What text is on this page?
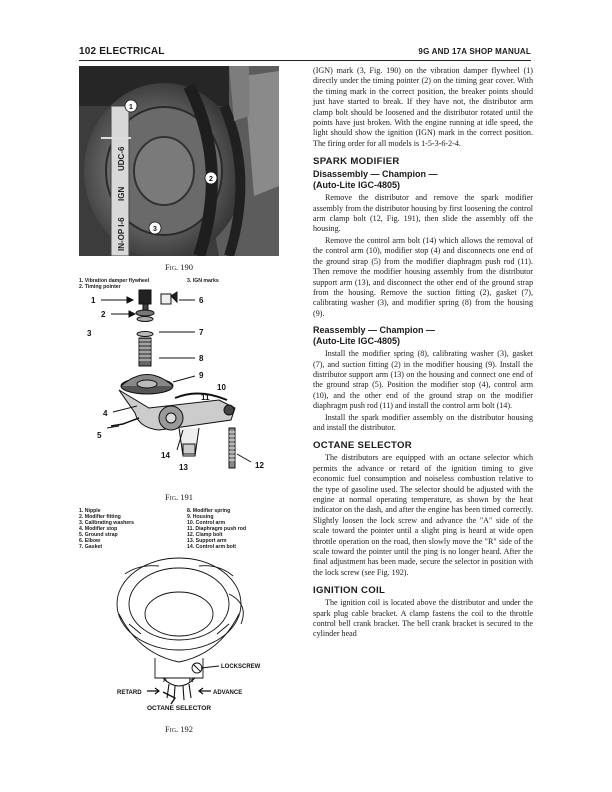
102 ELECTRICAL	9G AND 17A SHOP MANUAL
UDC-6
IGN
IN-OP I-6
1
2
3
Fig. 190
1. Vibration damper flywheel
2. Timing pointer
3. IGN marks
1
2
3
4
5
6
7
8
9
10
11
12
13
14
Fig. 191
1. Nipple
2. Modifier fitting
3. Calibrating washers
4. Modifier stop
5. Ground strap
6. Elbow
7. Gasket
8. Modifier spring
9. Housing
10. Control arm
11. Diaphragm push rod
12. Clamp bolt
13. Support arm
14. Control arm bolt
A	R
LOCKSCREW
RETARD	ADVANCE
OCTANE SELECTOR
Fig. 192

(IGN) mark (3, Fig. 190) on the vibration damper flywheel (1) directly under the timing pointer (2) on the timing gear cover. With the timing mark in the correct position, the breaker points should just have started to break. If they have not, the distributor arm clamp bolt should be loosened and the distributor rotated until the points have just broken. With the engine running at idle speed, the light should show the ignition (IGN) mark in the correct position. The firing order for all models is 1-5-3-6-2-4.

SPARK MODIFIER
Disassembly — Champion —
(Auto-Lite IGC-4805)

Remove the distributor and remove the spark modifier assembly from the distributor housing by first loosening the control arm clamp bolt (12, Fig. 191), then slide the assembly off the housing.

Remove the control arm bolt (14) which allows the removal of the control arm (10), modifier stop (4) and disconnects one end of the ground strap (5) from the modifier diaphragm push rod (11). Then remove the modifier housing assembly from the distributor support arm (13), and disconnect the other end of the ground strap from the housing. Remove the suction fitting (2), gasket (7), calibrating washer (3), and modifier spring (8) from the housing (9).

Reassembly — Champion —
(Auto-Lite IGC-4805)

Install the modifier spring (8), calibrating washer (3), gasket (7), and suction fitting (2) in the modifier housing (9). Install the distributor support arm (13) on the housing and connect one end of the ground strap (5). Position the modifier stop (4), control arm (10), and the other end of the ground strap on the modifier diaphragm push rod (11) and install the control arm bolt (14).

Install the spark modifier assembly on the distributor housing and install the distributor.

OCTANE SELECTOR

The distributors are equipped with an octane selector which permits the advance or retard of the ignition timing to give economic fuel consumption and noiseless combustion relative to the type of gasoline used. The selector should be adjusted with the engine at normal operating temperature, as shown by the heat indicator on the dash, and after the engine has been timed correctly. Slightly loosen the lock screw and advance the "A" side of the scale toward the pointer until a slight ping is heard at wide open throttle operation on the road, then slowly move the "R" side of the scale toward the pointer until the ping is no longer heard. After the final adjustment has been made, secure the selector in position with the lock screw (see Fig. 192).

IGNITION COIL

The ignition coil is located above the distributor and under the spark plug cable bracket. A clamp fastens the coil to the throttle control bell crank bracket. The bell crank bracket is secured to the cylinder head
